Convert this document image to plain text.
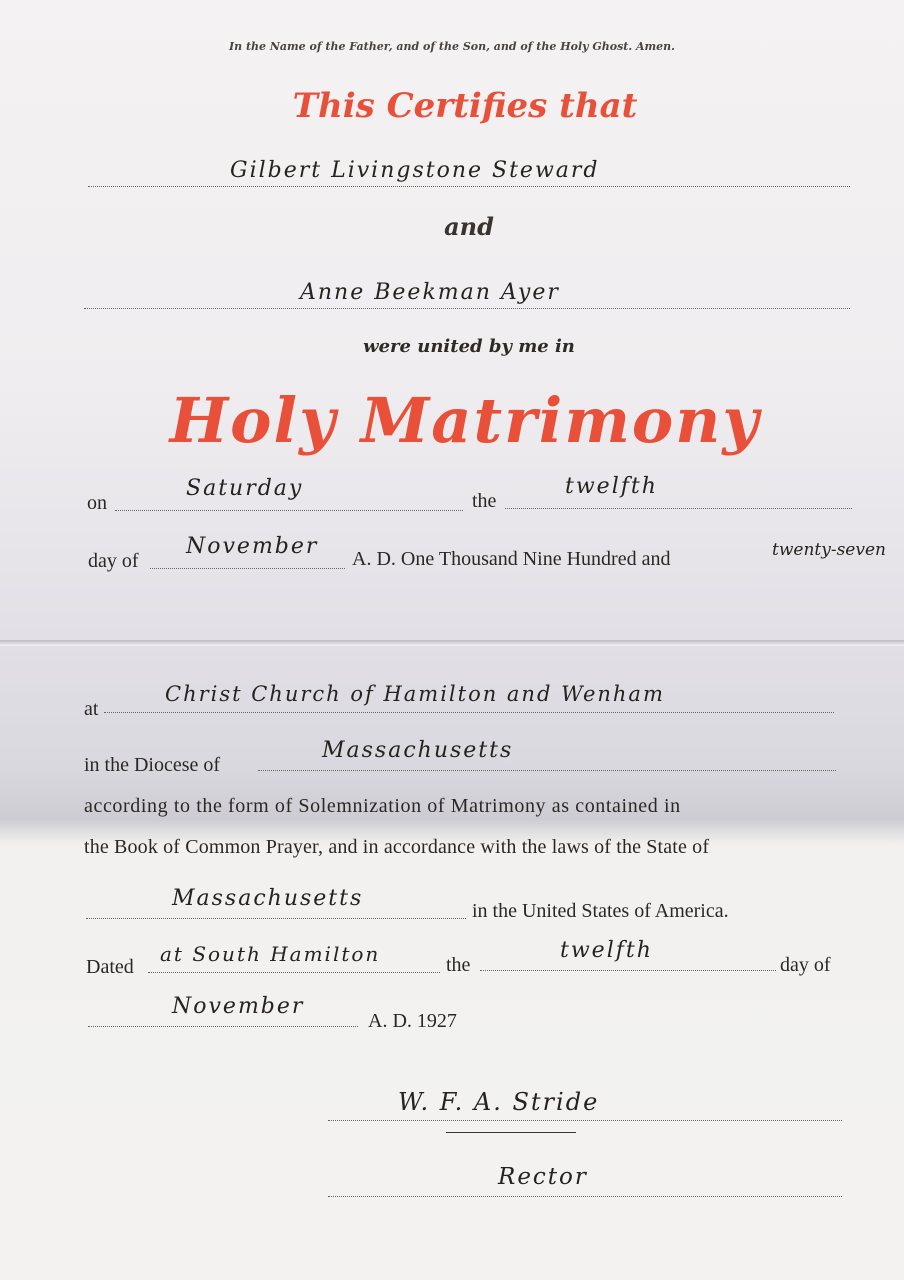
In the Name of the Father, and of the Son, and of the Holy Ghost. Amen.
This Certifies that
Gilbert Livingstone Steward
and
Anne Beekman Ayer
were united by me in
Holy Matrimony
on
Saturday	the
twelfth
day of
November A. D. One Thousand Nine Hundred and	twenty-seven
at
Christ Church of Hamilton and Wenham
in the Diocese of
Massachusetts
according to the form of Solemnization of Matrimony as contained in
the Book of Common Prayer, and in accordance with the laws of the State of
Massachusetts	in the United States of America.
Dated
at South Hamilton	the
twelfth
day of
November
A. D. 1927
W. F. A. Stride
Rector
